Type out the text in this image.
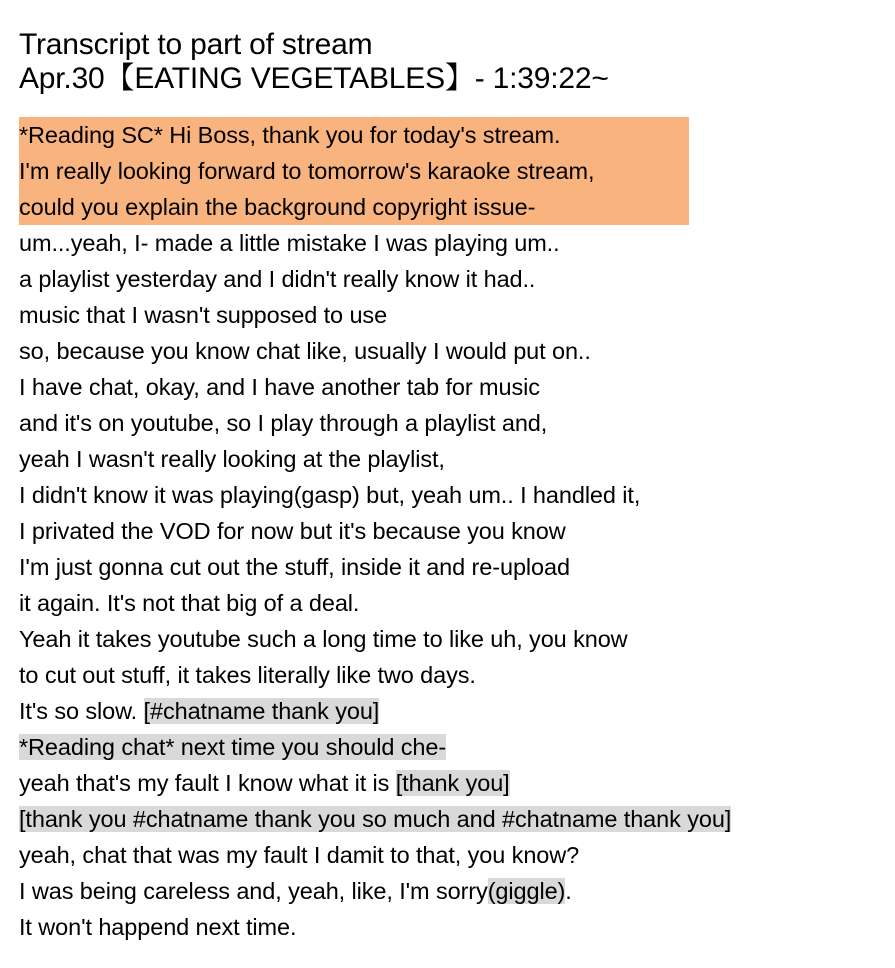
Transcript to part of stream
Apr.30【EATING VEGETABLES】- 1:39:22~
*Reading SC* Hi Boss, thank you for today's stream.
I'm really looking forward to tomorrow's karaoke stream,
could you explain the background copyright issue-
um...yeah, I- made a little mistake I was playing um..
a playlist yesterday and I didn't really know it had..
music that I wasn't supposed to use
so, because you know chat like, usually I would put on..
I have chat, okay, and I have another tab for music
and it's on youtube, so I play through a playlist and,
yeah I wasn't really looking at the playlist,
I didn't know it was playing(gasp) but, yeah um.. I handled it,
I privated the VOD for now but it's because you know
I'm just gonna cut out the stuff, inside it and re-upload
it again. It's not that big of a deal.
Yeah it takes youtube such a long time to like uh, you know
to cut out stuff, it takes literally like two days.
It's so slow. [#chatname thank you]
*Reading chat* next time you should che-
yeah that's my fault I know what it is [thank you]
[thank you #chatname thank you so much and #chatname thank you]
yeah, chat that was my fault I damit to that, you know?
I was being careless and, yeah, like, I'm sorry(giggle).
It won't happend next time.
